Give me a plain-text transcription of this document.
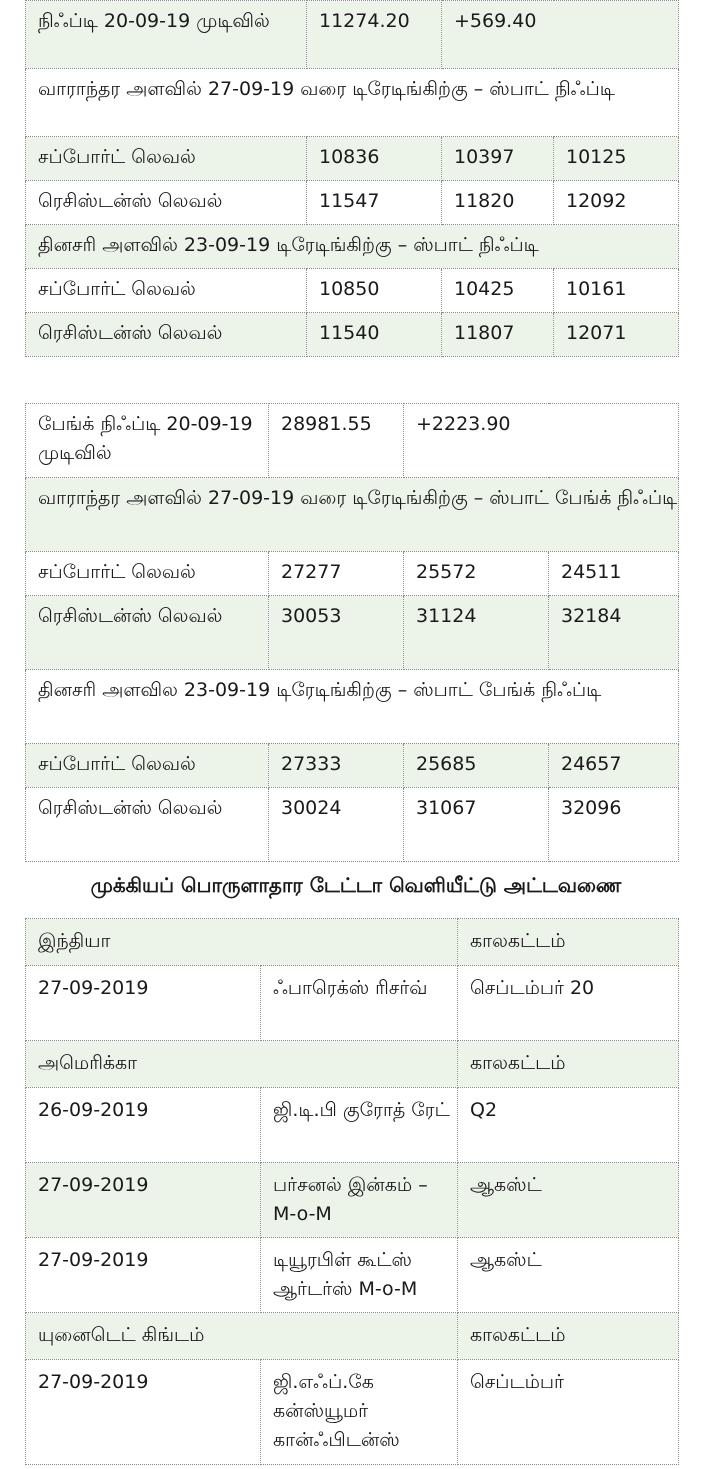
நிஃப்டி 20-09-19 முடிவில்	11274.20	+569.40	
வாராந்தர அளவில் 27-09-19 வரை டிரேடிங்கிற்கு – ஸ்பாட் நிஃப்டி			
சப்போர்ட் லெவல்	10836	10397	10125
ரெசிஸ்டன்ஸ் லெவல்	11547	11820	12092
தினசரி அளவில் 23-09-19 டிரேடிங்கிற்கு – ஸ்பாட் நிஃப்டி			
சப்போர்ட் லெவல்	10850	10425	10161
ரெசிஸ்டன்ஸ் லெவல்	11540	11807	12071
பேங்க் நிஃப்டி 20-09-19 முடிவில்	28981.55	+2223.90	
வாராந்தர அளவில் 27-09-19 வரை டிரேடிங்கிற்கு – ஸ்பாட் பேங்க் நிஃப்டி			
சப்போர்ட் லெவல்	27277	25572	24511
ரெசிஸ்டன்ஸ் லெவல்	30053	31124	32184
தினசரி அளவில 23-09-19 டிரேடிங்கிற்கு – ஸ்பாட் பேங்க் நிஃப்டி			
சப்போர்ட் லெவல்	27333	25685	24657
ரெசிஸ்டன்ஸ் லெவல்	30024	31067	32096
முக்கியப் பொருளாதார டேட்டா வெளியீட்டு அட்டவணை
இந்தியா		காலகட்டம்
27-09-2019	ஃபாரெக்ஸ் ரிசர்வ்	செப்டம்பர் 20
அமெரிக்கா		காலகட்டம்
26-09-2019	ஜி.டி.பி குரோத் ரேட்	Q2
27-09-2019	பர்சனல் இன்கம் – M-o-M	ஆகஸ்ட்
27-09-2019	டியூரபிள் கூட்ஸ் ஆர்டர்ஸ் M-o-M	ஆகஸ்ட்
யுனைடெட் கிங்டம்		காலகட்டம்
27-09-2019	ஜி.எஃப்.கே கன்ஸ்யூமர் கான்ஃபிடன்ஸ்	செப்டம்பர்
